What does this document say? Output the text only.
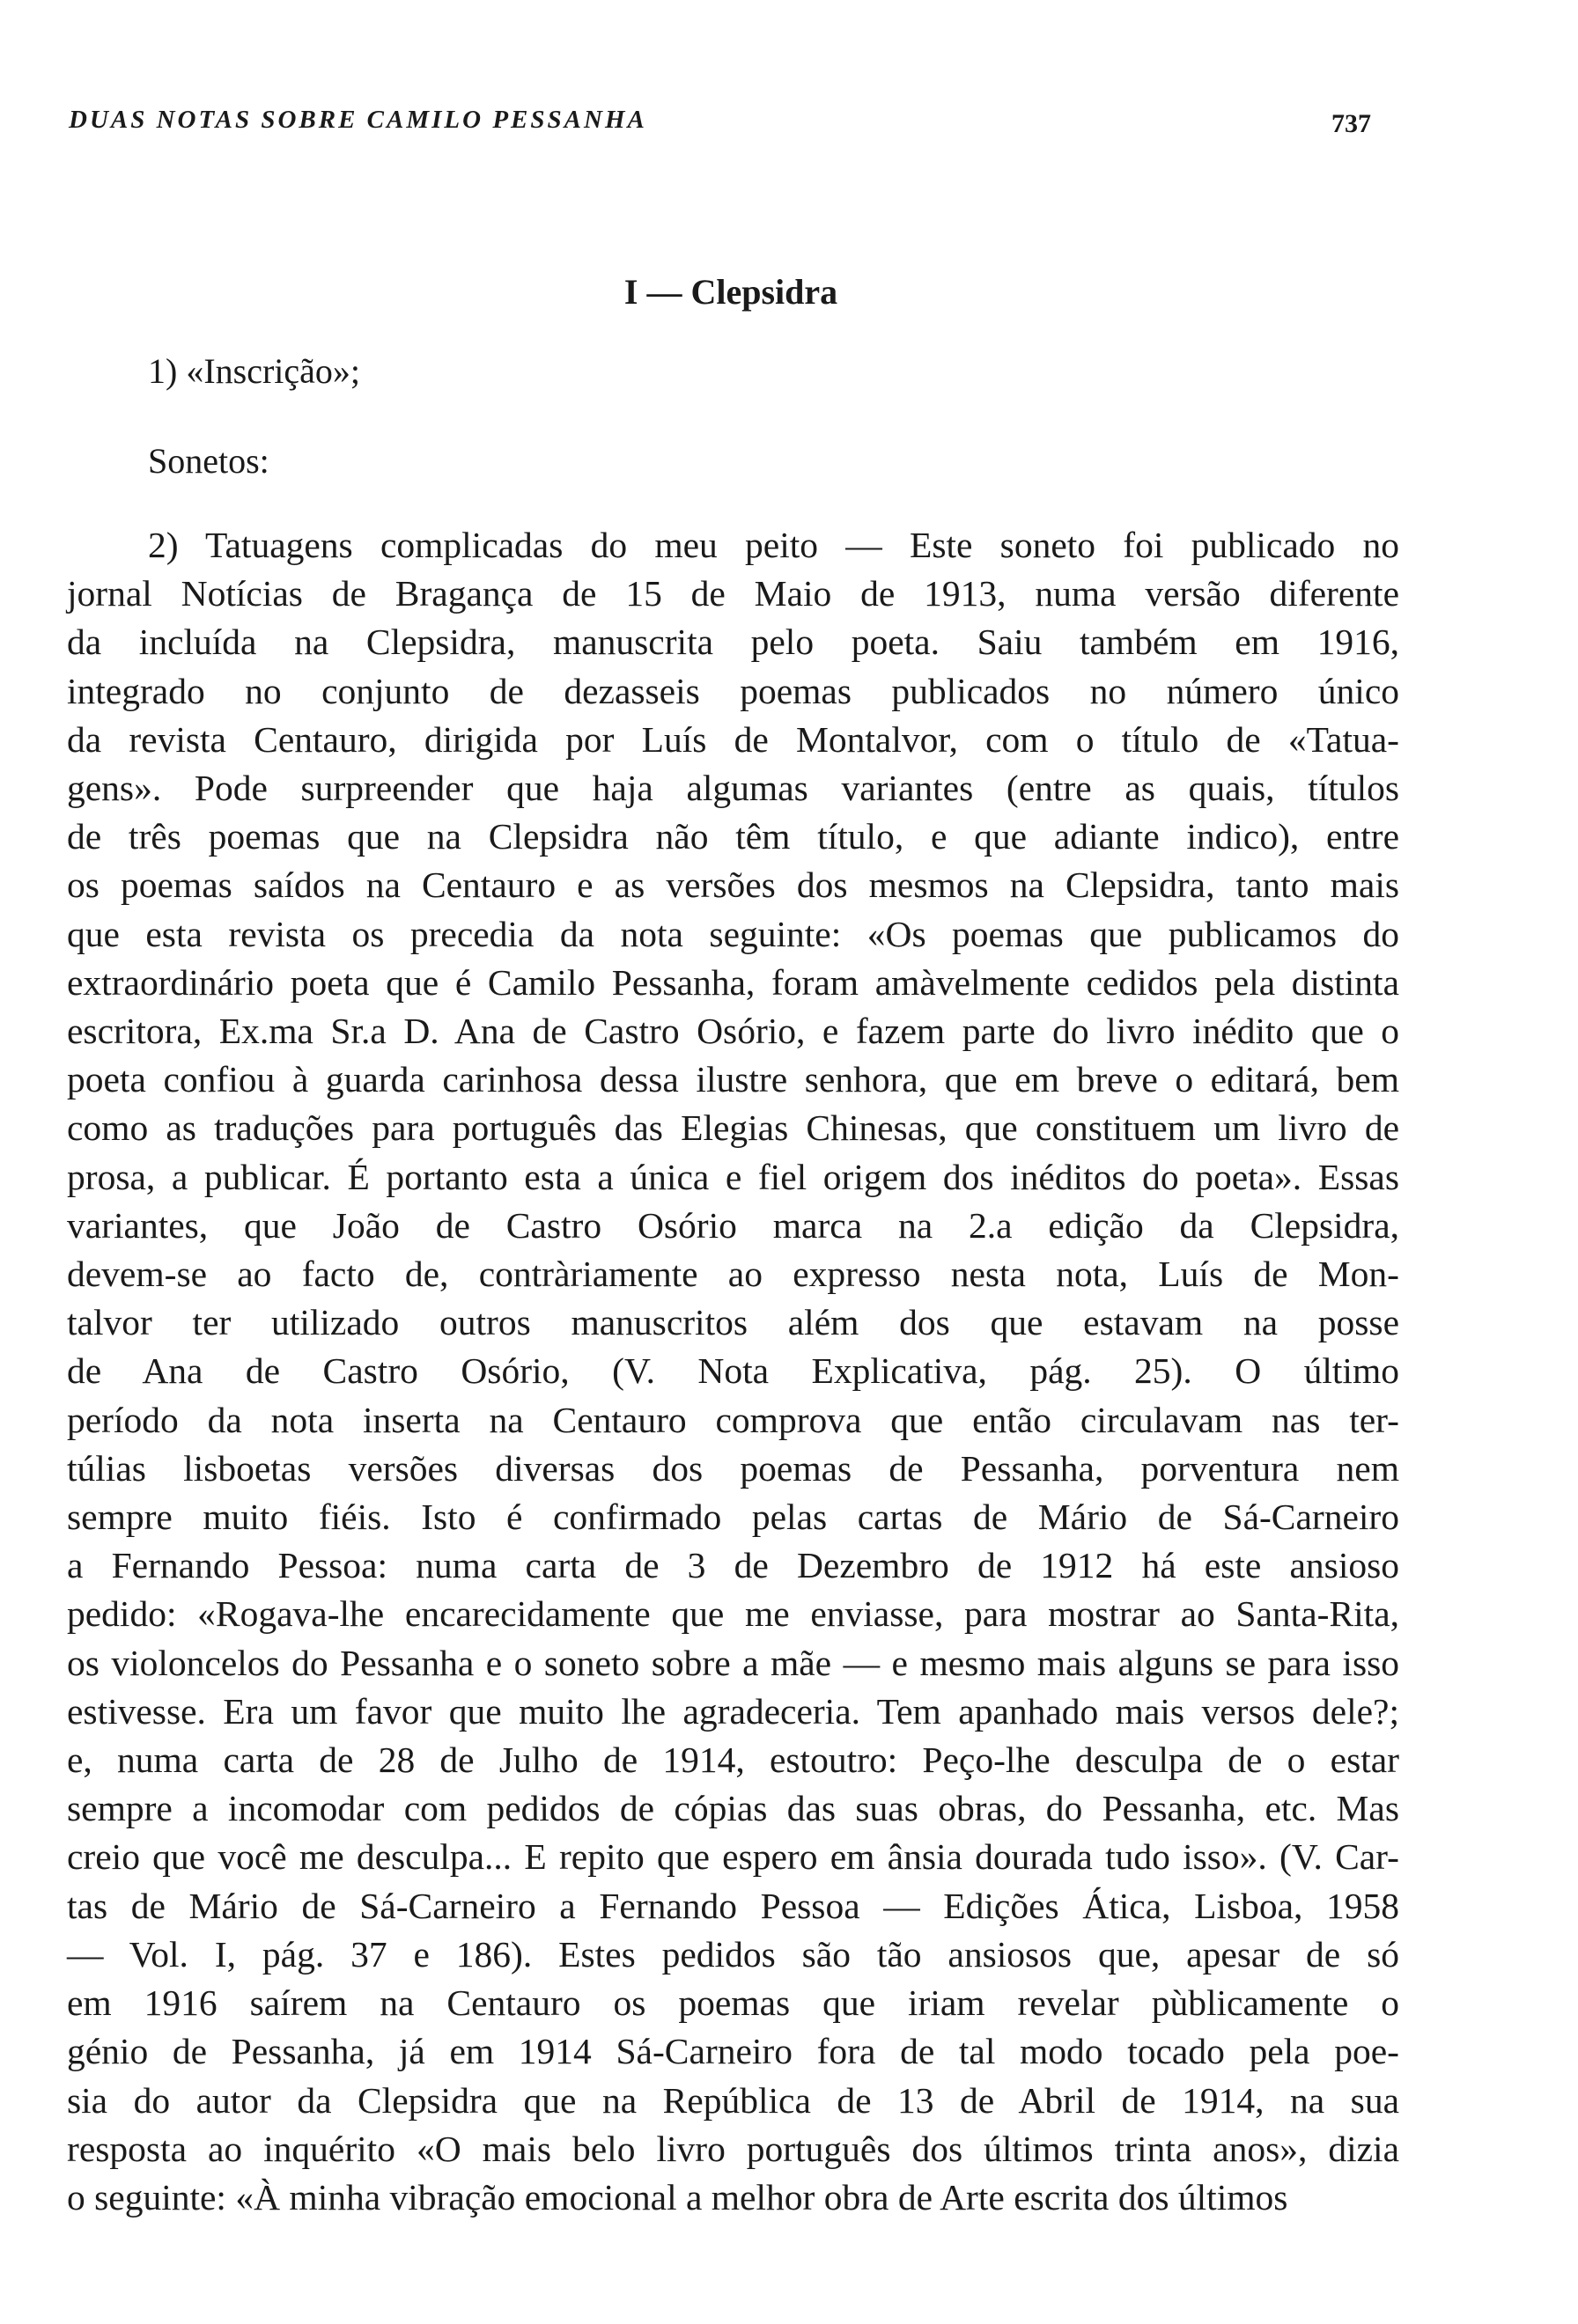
DUAS NOTAS SOBRE CAMILO PESSANHA	737
I — Clepsidra
1) «Inscrição»;
Sonetos:
2) Tatuagens complicadas do meu peito — Este soneto foi publicado no
jornal Notícias de Bragança de 15 de Maio de 1913, numa versão diferente
da incluída na Clepsidra, manuscrita pelo poeta. Saiu também em 1916,
integrado no conjunto de dezasseis poemas publicados no número único
da revista Centauro, dirigida por Luís de Montalvor, com o título de «Tatua-
gens». Pode surpreender que haja algumas variantes (entre as quais, títulos
de três poemas que na Clepsidra não têm título, e que adiante indico), entre
os poemas saídos na Centauro e as versões dos mesmos na Clepsidra, tanto mais
que esta revista os precedia da nota seguinte: «Os poemas que publicamos do
extraordinário poeta que é Camilo Pessanha, foram amàvelmente cedidos pela distinta
escritora, Ex.ma Sr.a D. Ana de Castro Osório, e fazem parte do livro inédito que o
poeta confiou à guarda carinhosa dessa ilustre senhora, que em breve o editará, bem
como as traduções para português das Elegias Chinesas, que constituem um livro de
prosa, a publicar. É portanto esta a única e fiel origem dos inéditos do poeta». Essas
variantes, que João de Castro Osório marca na 2.a edição da Clepsidra,
devem-se ao facto de, contràriamente ao expresso nesta nota, Luís de Mon-
talvor ter utilizado outros manuscritos além dos que estavam na posse
de Ana de Castro Osório, (V. Nota Explicativa, pág. 25). O último
período da nota inserta na Centauro comprova que então circulavam nas ter-
túlias lisboetas versões diversas dos poemas de Pessanha, porventura nem
sempre muito fiéis. Isto é confirmado pelas cartas de Mário de Sá-Carneiro
a Fernando Pessoa: numa carta de 3 de Dezembro de 1912 há este ansioso
pedido: «Rogava-lhe encarecidamente que me enviasse, para mostrar ao Santa-Rita,
os violoncelos do Pessanha e o soneto sobre a mãe — e mesmo mais alguns se para isso
estivesse. Era um favor que muito lhe agradeceria. Tem apanhado mais versos dele?;
e, numa carta de 28 de Julho de 1914, estoutro: Peço-lhe desculpa de o estar
sempre a incomodar com pedidos de cópias das suas obras, do Pessanha, etc. Mas
creio que você me desculpa... E repito que espero em ânsia dourada tudo isso». (V. Car-
tas de Mário de Sá-Carneiro a Fernando Pessoa — Edições Ática, Lisboa, 1958
— Vol. I, pág. 37 e 186). Estes pedidos são tão ansiosos que, apesar de só
em 1916 saírem na Centauro os poemas que iriam revelar pùblicamente o
génio de Pessanha, já em 1914 Sá-Carneiro fora de tal modo tocado pela poe-
sia do autor da Clepsidra que na República de 13 de Abril de 1914, na sua
resposta ao inquérito «O mais belo livro português dos últimos trinta anos», dizia
o seguinte: «À minha vibração emocional a melhor obra de Arte escrita dos últimos
